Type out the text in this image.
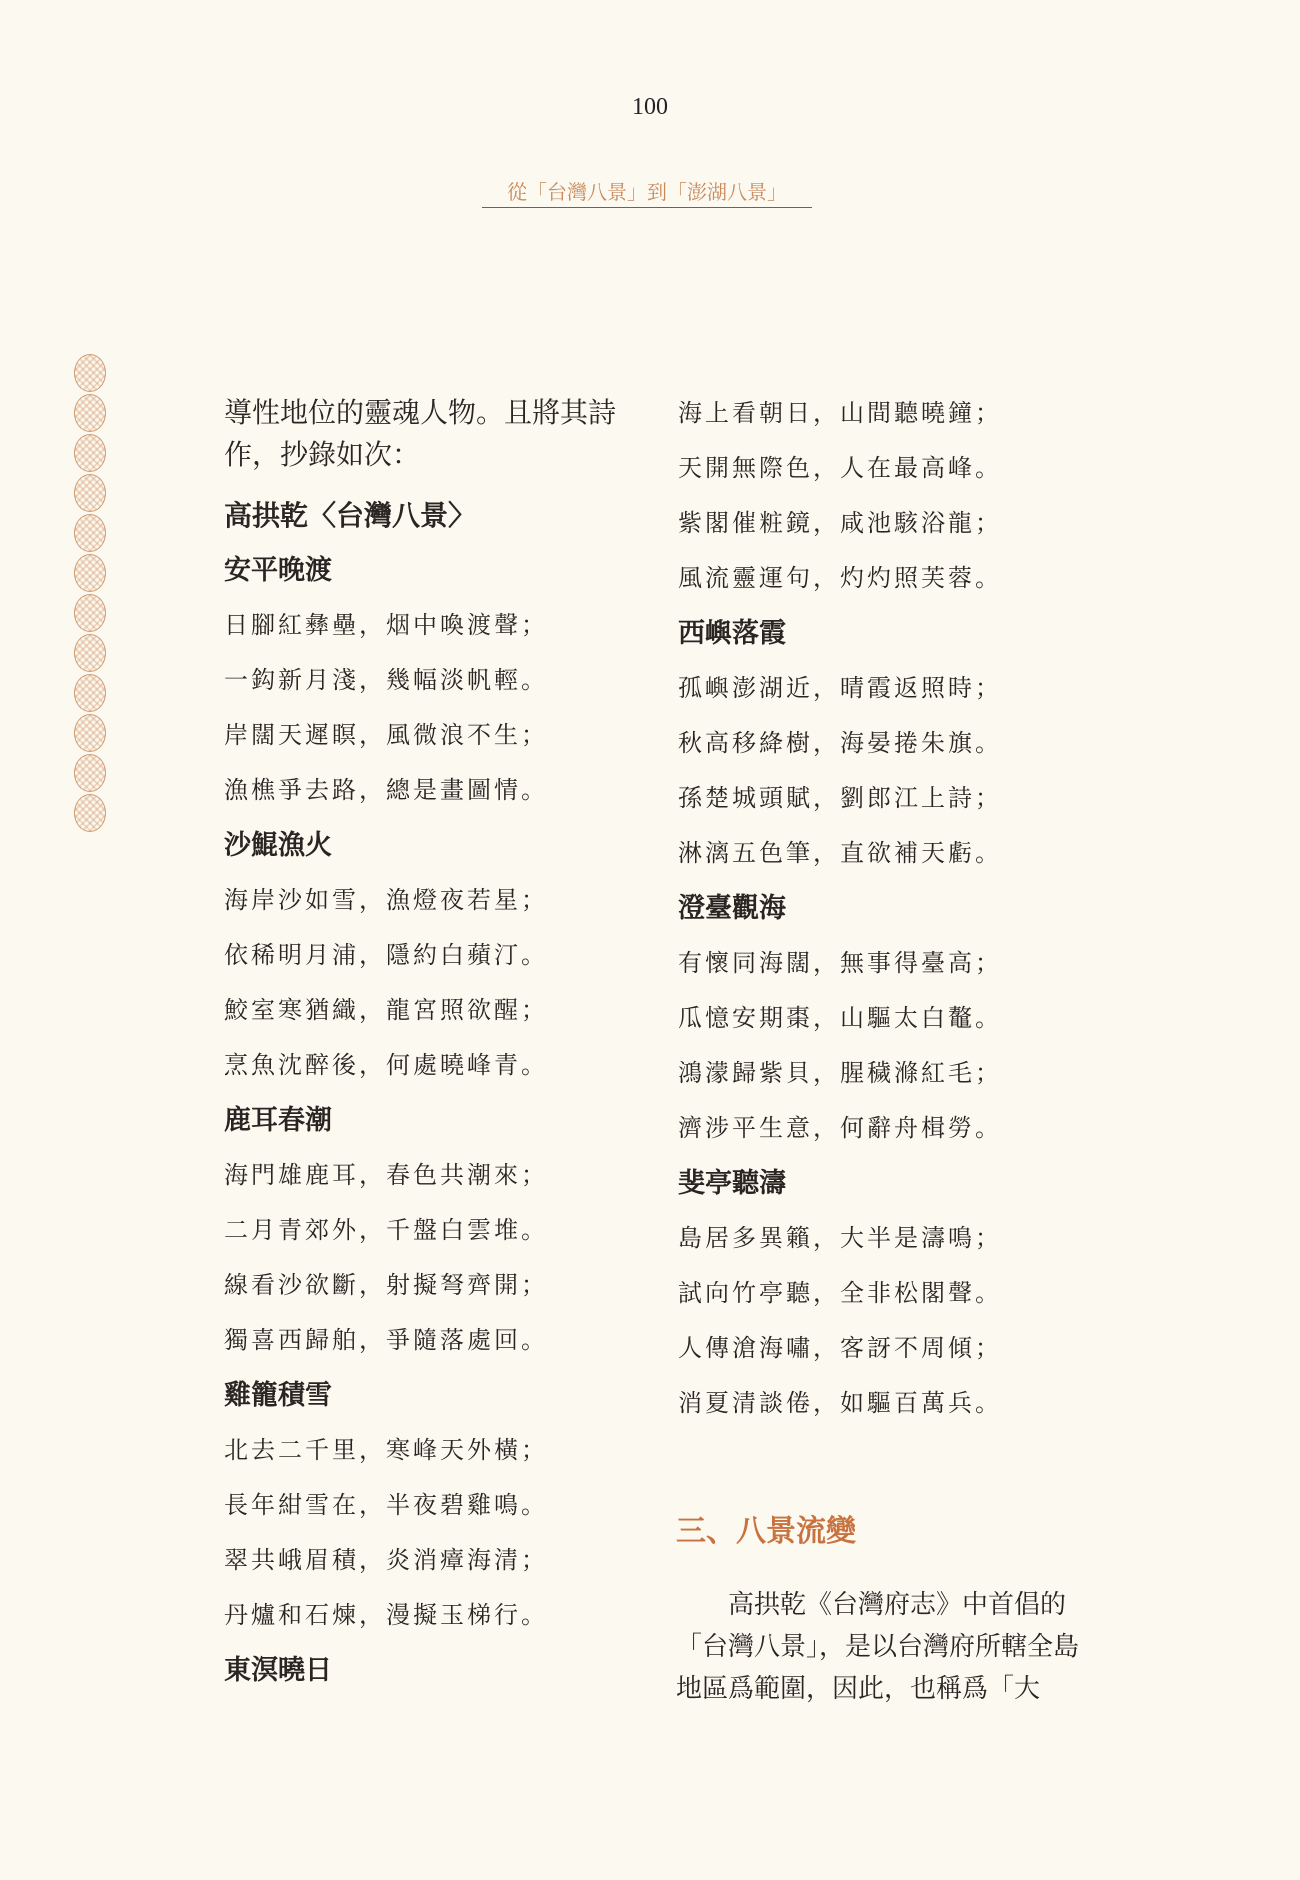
100
從「台灣八景」到「澎湖八景」

導性地位的靈魂人物。且將其詩作，抄錄如次：

高拱乾〈台灣八景〉

安平晚渡

日腳紅彝壘，烟中喚渡聲；

一鈎新月淺，幾幅淡帆輕。

岸闊天遲瞑，風微浪不生；

漁樵爭去路，總是畫圖情。

沙鯤漁火

海岸沙如雪，漁燈夜若星；

依稀明月浦，隱約白蘋汀。

鮫室寒猶織，龍宮照欲醒；

烹魚沈醉後，何處曉峰青。

鹿耳春潮

海門雄鹿耳，春色共潮來；

二月青郊外，千盤白雲堆。

線看沙欲斷，射擬弩齊開；

獨喜西歸舶，爭隨落處回。

雞籠積雪

北去二千里，寒峰天外橫；

長年紺雪在，半夜碧雞鳴。

翠共峨眉積，炎消瘴海清；

丹爐和石煉，漫擬玉梯行。

東溟曉日

海上看朝日，山間聽曉鐘；

天開無際色，人在最高峰。

紫閣催粧鏡，咸池駭浴龍；

風流靈運句，灼灼照芙蓉。

西嶼落霞

孤嶼澎湖近，晴霞返照時；

秋高移絳樹，海晏捲朱旗。

孫楚城頭賦，劉郎江上詩；

淋漓五色筆，直欲補天虧。

澄臺觀海

有懷同海闊，無事得臺高；

瓜憶安期棗，山驅太白鼇。

鴻濛歸紫貝，腥穢滌紅毛；

濟涉平生意，何辭舟楫勞。

斐亭聽濤

島居多異籟，大半是濤鳴；

試向竹亭聽，全非松閣聲。

人傳滄海嘯，客訝不周傾；

消夏清談倦，如驅百萬兵。

三、八景流變
高拱乾《台灣府志》中首倡的「台灣八景」，是以台灣府所轄全島地區爲範圍，因此，也稱爲「大
